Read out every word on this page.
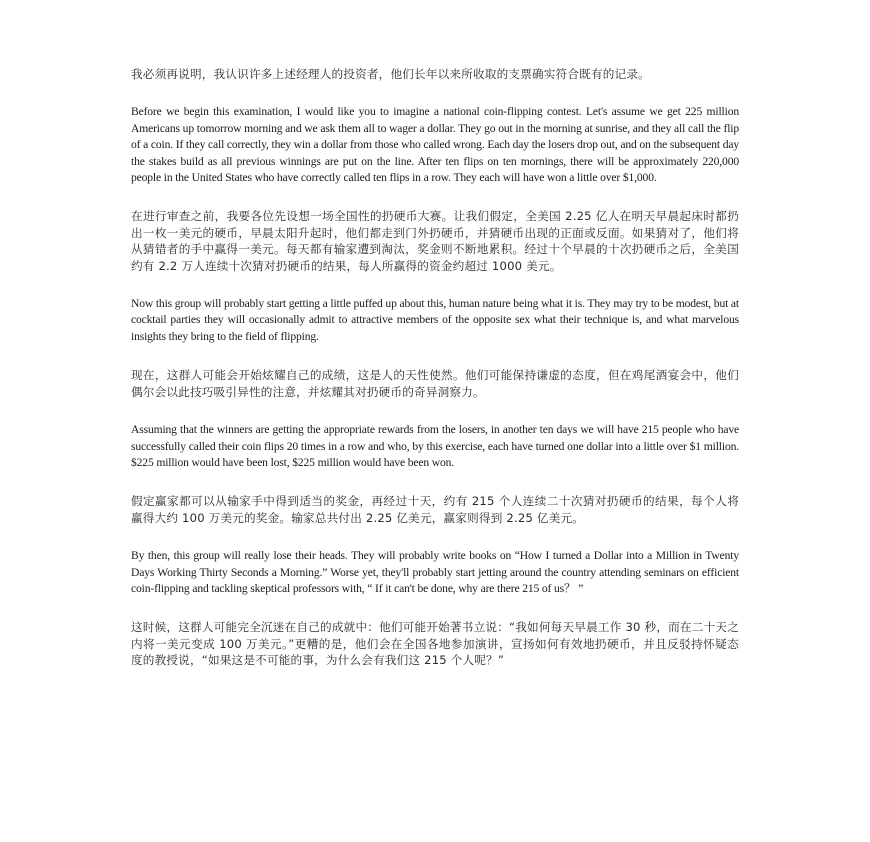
我必须再说明，我认识许多上述经理人的投资者，他们长年以来所收取的支票确实符合既有的记录。

Before we begin this examination, I would like you to imagine a national coin-flipping contest. Let's assume we get 225 million Americans up tomorrow morning and we ask them all to wager a dollar. They go out in the morning at sunrise, and they all call the flip of a coin. If they call correctly, they win a dollar from those who called wrong. Each day the losers drop out, and on the subsequent day the stakes build as all previous winnings are put on the line. After ten flips on ten mornings, there will be approximately 220,000 people in the United States who have correctly called ten flips in a row. They each will have won a little over $1,000.

在进行审查之前，我要各位先设想一场全国性的扔硬币大赛。让我们假定，全美国 2.25 亿人在明天早晨起床时都扔出一枚一美元的硬币，早晨太阳升起时，他们都走到门外扔硬币，并猜硬币出现的正面或反面。如果猜对了，他们将从猜错者的手中赢得一美元。每天都有输家遭到淘汰，奖金则不断地累积。经过十个早晨的十次扔硬币之后，全美国约有 2.2 万人连续十次猜对扔硬币的结果，每人所赢得的资金约超过 1000 美元。

Now this group will probably start getting a little puffed up about this, human nature being what it is. They may try to be modest, but at cocktail parties they will occasionally admit to attractive members of the opposite sex what their technique is, and what marvelous insights they bring to the field of flipping.

现在，这群人可能会开始炫耀自己的成绩，这是人的天性使然。他们可能保持谦虚的态度，但在鸡尾酒宴会中，他们偶尔会以此技巧吸引异性的注意，并炫耀其对扔硬币的奇异洞察力。

Assuming that the winners are getting the appropriate rewards from the losers, in another ten days we will have 215 people who have successfully called their coin flips 20 times in a row and who, by this exercise, each have turned one dollar into a little over $1 million. $225 million would have been lost, $225 million would have been won.

假定赢家都可以从输家手中得到适当的奖金，再经过十天，约有 215 个人连续二十次猜对扔硬币的结果，每个人将赢得大约 100 万美元的奖金。输家总共付出 2.25 亿美元，赢家则得到 2.25 亿美元。

By then, this group will really lose their heads. They will probably write books on “How I turned a Dollar into a Million in Twenty Days Working Thirty Seconds a Morning.” Worse yet, they'll probably start jetting around the country attending seminars on efficient coin-flipping and tackling skeptical professors with, “ If it can't be done, why are there 215 of us？ ”

这时候，这群人可能完全沉迷在自己的成就中：他们可能开始著书立说：“我如何每天早晨工作 30 秒，而在二十天之内将一美元变成 100 万美元。”更糟的是，他们会在全国各地参加演讲，宣扬如何有效地扔硬币，并且反驳持怀疑态度的教授说，“如果这是不可能的事，为什么会有我们这 215 个人呢？”
